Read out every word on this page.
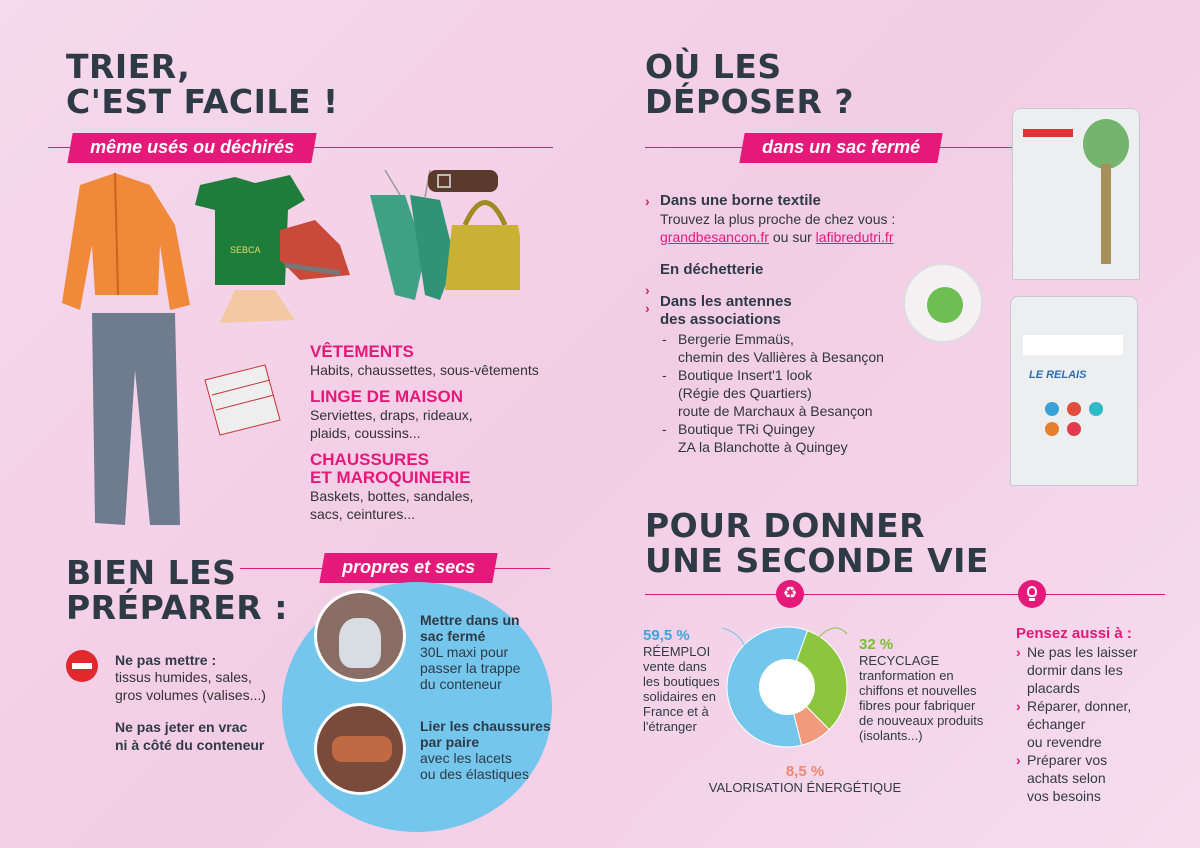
TRIER,
C'EST FACILE !
même usés ou déchirés
SEBCA
VÊTEMENTS
Habits, chaussettes, sous-vêtements
LINGE DE MAISON
Serviettes, draps, rideaux,
plaids, coussins...
CHAUSSURES
ET MAROQUINERIE
Baskets, bottes, sandales,
sacs, ceintures...
BIEN LES
PRÉPARER :
propres et secs
Ne pas mettre :
tissus humides, sales,
gros volumes (valises...)
Ne pas jeter en vrac
ni à côté du conteneur
Mettre dans un
sac fermé
30L maxi pour
passer la trappe
du conteneur
Lier les chaussures
par paire
avec les lacets
ou des élastiques
OÙ LES
DÉPOSER ?
dans un sac fermé
› Dans une borne textile
Trouvez la plus proche de chez vous :
grandbesancon.fr ou sur lafibredutri.fr
En déchetterie
›
› Dans les antennes
des associations
- Bergerie Emmaüs,
chemin des Vallières à Besançon
- Boutique Insert'1 look
(Régie des Quartiers)
route de Marchaux à Besançon
- Boutique TRi Quingey
ZA la Blanchotte à Quingey
LE RELAIS
POUR DONNER
UNE SECONDE VIE
♻
59,5 %
RÉEMPLOI
vente dans
les boutiques
solidaires en
France et à
l'étranger
32 %
RECYCLAGE
tranformation en
chiffons et nouvelles
fibres pour fabriquer
de nouveaux produits
(isolants...)
8,5 %
VALORISATION ÉNERGÉTIQUE
Pensez aussi à :
› Ne pas les laisser
dormir dans les
placards
› Réparer, donner,
échanger
ou revendre
› Préparer vos
achats selon
vos besoins
